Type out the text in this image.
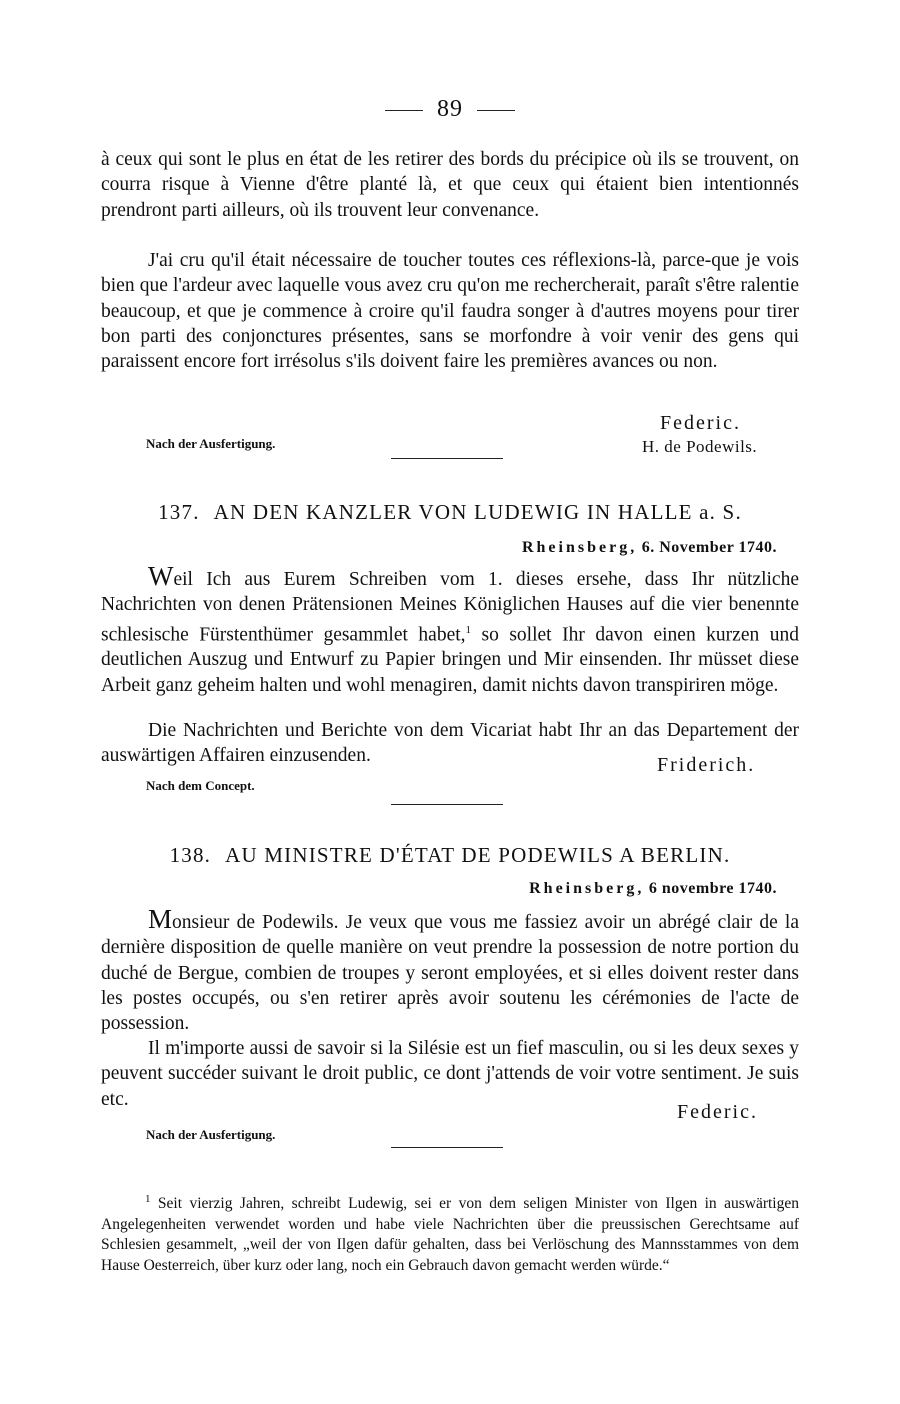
89
à ceux qui sont le plus en état de les retirer des bords du précipice où ils se trouvent, on courra risque à Vienne d'être planté là, et que ceux qui étaient bien intentionnés prendront parti ailleurs, où ils trouvent leur convenance.
J'ai cru qu'il était nécessaire de toucher toutes ces réflexions-là, parce-que je vois bien que l'ardeur avec laquelle vous avez cru qu'on me rechercherait, paraît s'être ralentie beaucoup, et que je commence à croire qu'il faudra songer à d'autres moyens pour tirer bon parti des conjonctures présentes, sans se morfondre à voir venir des gens qui paraissent encore fort irrésolus s'ils doivent faire les premières avances ou non.
Federic.
Nach der Ausfertigung.	H. de Podewils.
137. AN DEN KANZLER VON LUDEWIG IN HALLE a. S.
Rheinsberg, 6. November 1740.
Weil Ich aus Eurem Schreiben vom 1. dieses ersehe, dass Ihr nützliche Nachrichten von denen Prätensionen Meines Königlichen Hauses auf die vier benennte schlesische Fürstenthümer gesammlet habet,$^1$ so sollet Ihr davon einen kurzen und deutlichen Auszug und Entwurf zu Papier bringen und Mir einsenden. Ihr müsset diese Arbeit ganz geheim halten und wohl menagiren, damit nichts davon transpiriren möge.
Die Nachrichten und Berichte von dem Vicariat habt Ihr an das Departement der auswärtigen Affairen einzusenden.	Friderich.
Nach dem Concept.
138. AU MINISTRE D'ÉTAT DE PODEWILS A BERLIN.
Rheinsberg, 6 novembre 1740.
Monsieur de Podewils. Je veux que vous me fassiez avoir un abrégé clair de la dernière disposition de quelle manière on veut prendre la possession de notre portion du duché de Bergue, combien de troupes y seront employées, et si elles doivent rester dans les postes occupés, ou s'en retirer après avoir soutenu les cérémonies de l'acte de possession.
Il m'importe aussi de savoir si la Silésie est un fief masculin, ou si les deux sexes y peuvent succéder suivant le droit public, ce dont j'attends de voir votre sentiment. Je suis etc.
Federic.
Nach der Ausfertigung.
$^1$ Seit vierzig Jahren, schreibt Ludewig, sei er von dem seligen Minister von Ilgen in auswärtigen Angelegenheiten verwendet worden und habe viele Nachrichten über die preussischen Gerechtsame auf Schlesien gesammelt, „weil der von Ilgen dafür gehalten, dass bei Verlöschung des Mannsstammes von dem Hause Oesterreich, über kurz oder lang, noch ein Gebrauch davon gemacht werden würde.“
